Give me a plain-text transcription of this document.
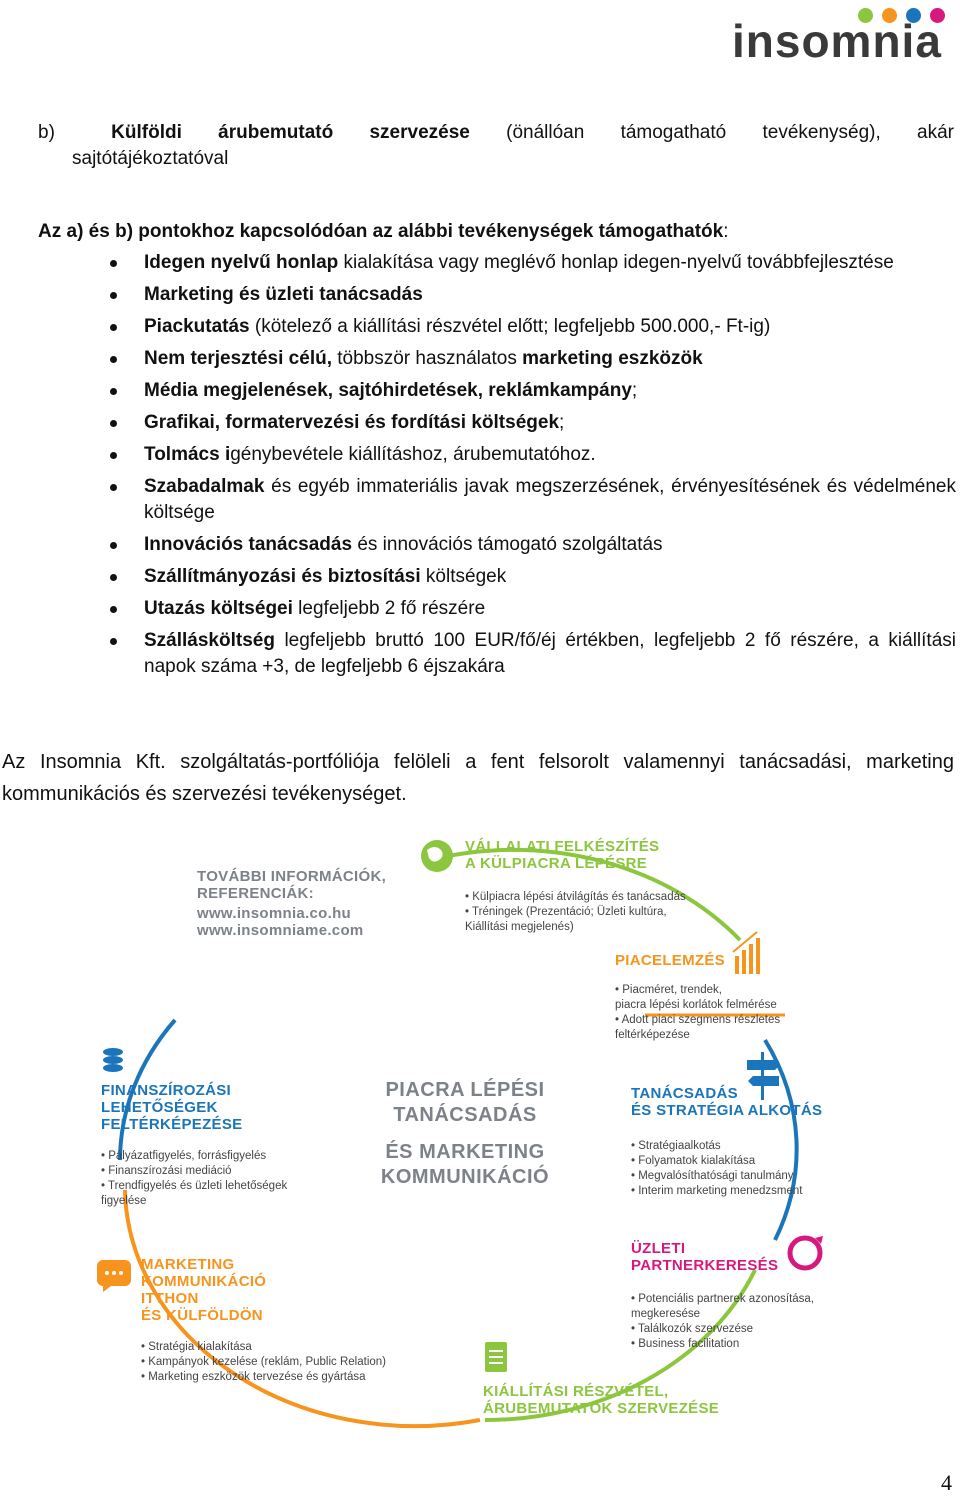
insomnia
b)	Külföldi árubemutató szervezése (önállóan támogatható tevékenység), akár
sajtótájékoztatóval
Az a) és b) pontokhoz kapcsolódóan az alábbi tevékenységek támogathatók:
Idegen nyelvű honlap kialakítása vagy meglévő honlap idegen-nyelvű továbbfejlesztése
Marketing és üzleti tanácsadás
Piackutatás (kötelező a kiállítási részvétel előtt; legfeljebb 500.000,- Ft-ig)
Nem terjesztési célú, többször használatos marketing eszközök
Média megjelenések, sajtóhirdetések, reklámkampány;
Grafikai, formatervezési és fordítási költségek;
Tolmács igénybevétele kiállításhoz, árubemutatóhoz.
Szabadalmak és egyéb immateriális javak megszerzésének, érvényesítésének és védelmének költsége
Innovációs tanácsadás és innovációs támogató szolgáltatás
Szállítmányozási és biztosítási költségek
Utazás költségei legfeljebb 2 fő részére
Szállásköltség legfeljebb bruttó 100 EUR/fő/éj értékben, legfeljebb 2 fő részére, a kiállítási napok száma +3, de legfeljebb 6 éjszakára
Az Insomnia Kft. szolgáltatás-portfóliója felöleli a fent felsorolt valamennyi tanácsadási, marketing kommunikációs és szervezési tevékenységet.
TOVÁBBI INFORMÁCIÓK,
REFERENCIÁK:
www.insomnia.co.hu
www.insomniame.com
VÁLLALATI FELKÉSZÍTÉS
A KÜLPIACRA LÉPÉSRE
• Külpiacra lépési átvilágítás és tanácsadás
• Tréningek (Prezentáció; Üzleti kultúra,
Kiállítási megjelenés)
PIACELEMZÉS
• Piacméret, trendek,
piacra lépési korlátok felmérése
• Adott piaci szegmens részletes
feltérképezése
PIACRA LÉPÉSI
TANÁCSADÁS
ÉS MARKETING
KOMMUNIKÁCIÓ
FINANSZÍROZÁSI
LEHETŐSÉGEK
FELTÉRKÉPEZÉSE
• Pályázatfigyelés, forrásfigyelés
• Finanszírozási mediáció
• Trendfigyelés és üzleti lehetőségek
figyelése
TANÁCSADÁS
ÉS STRATÉGIA ALKOTÁS
• Stratégiaalkotás
• Folyamatok kialakítása
• Megvalósíthatósági tanulmány
• Interim marketing menedzsment
MARKETING
KOMMUNIKÁCIÓ
ITTHON
ÉS KÜLFÖLDÖN
• Stratégia kialakítása
• Kampányok kezelése (reklám, Public Relation)
• Marketing eszközök tervezése és gyártása
ÜZLETI
PARTNERKERESÉS
• Potenciális partnerek azonosítása,
megkeresése
• Találkozók szervezése
• Business facilitation
KIÁLLÍTÁSI RÉSZVÉTEL,
ÁRUBEMUTATÓK SZERVEZÉSE
4
